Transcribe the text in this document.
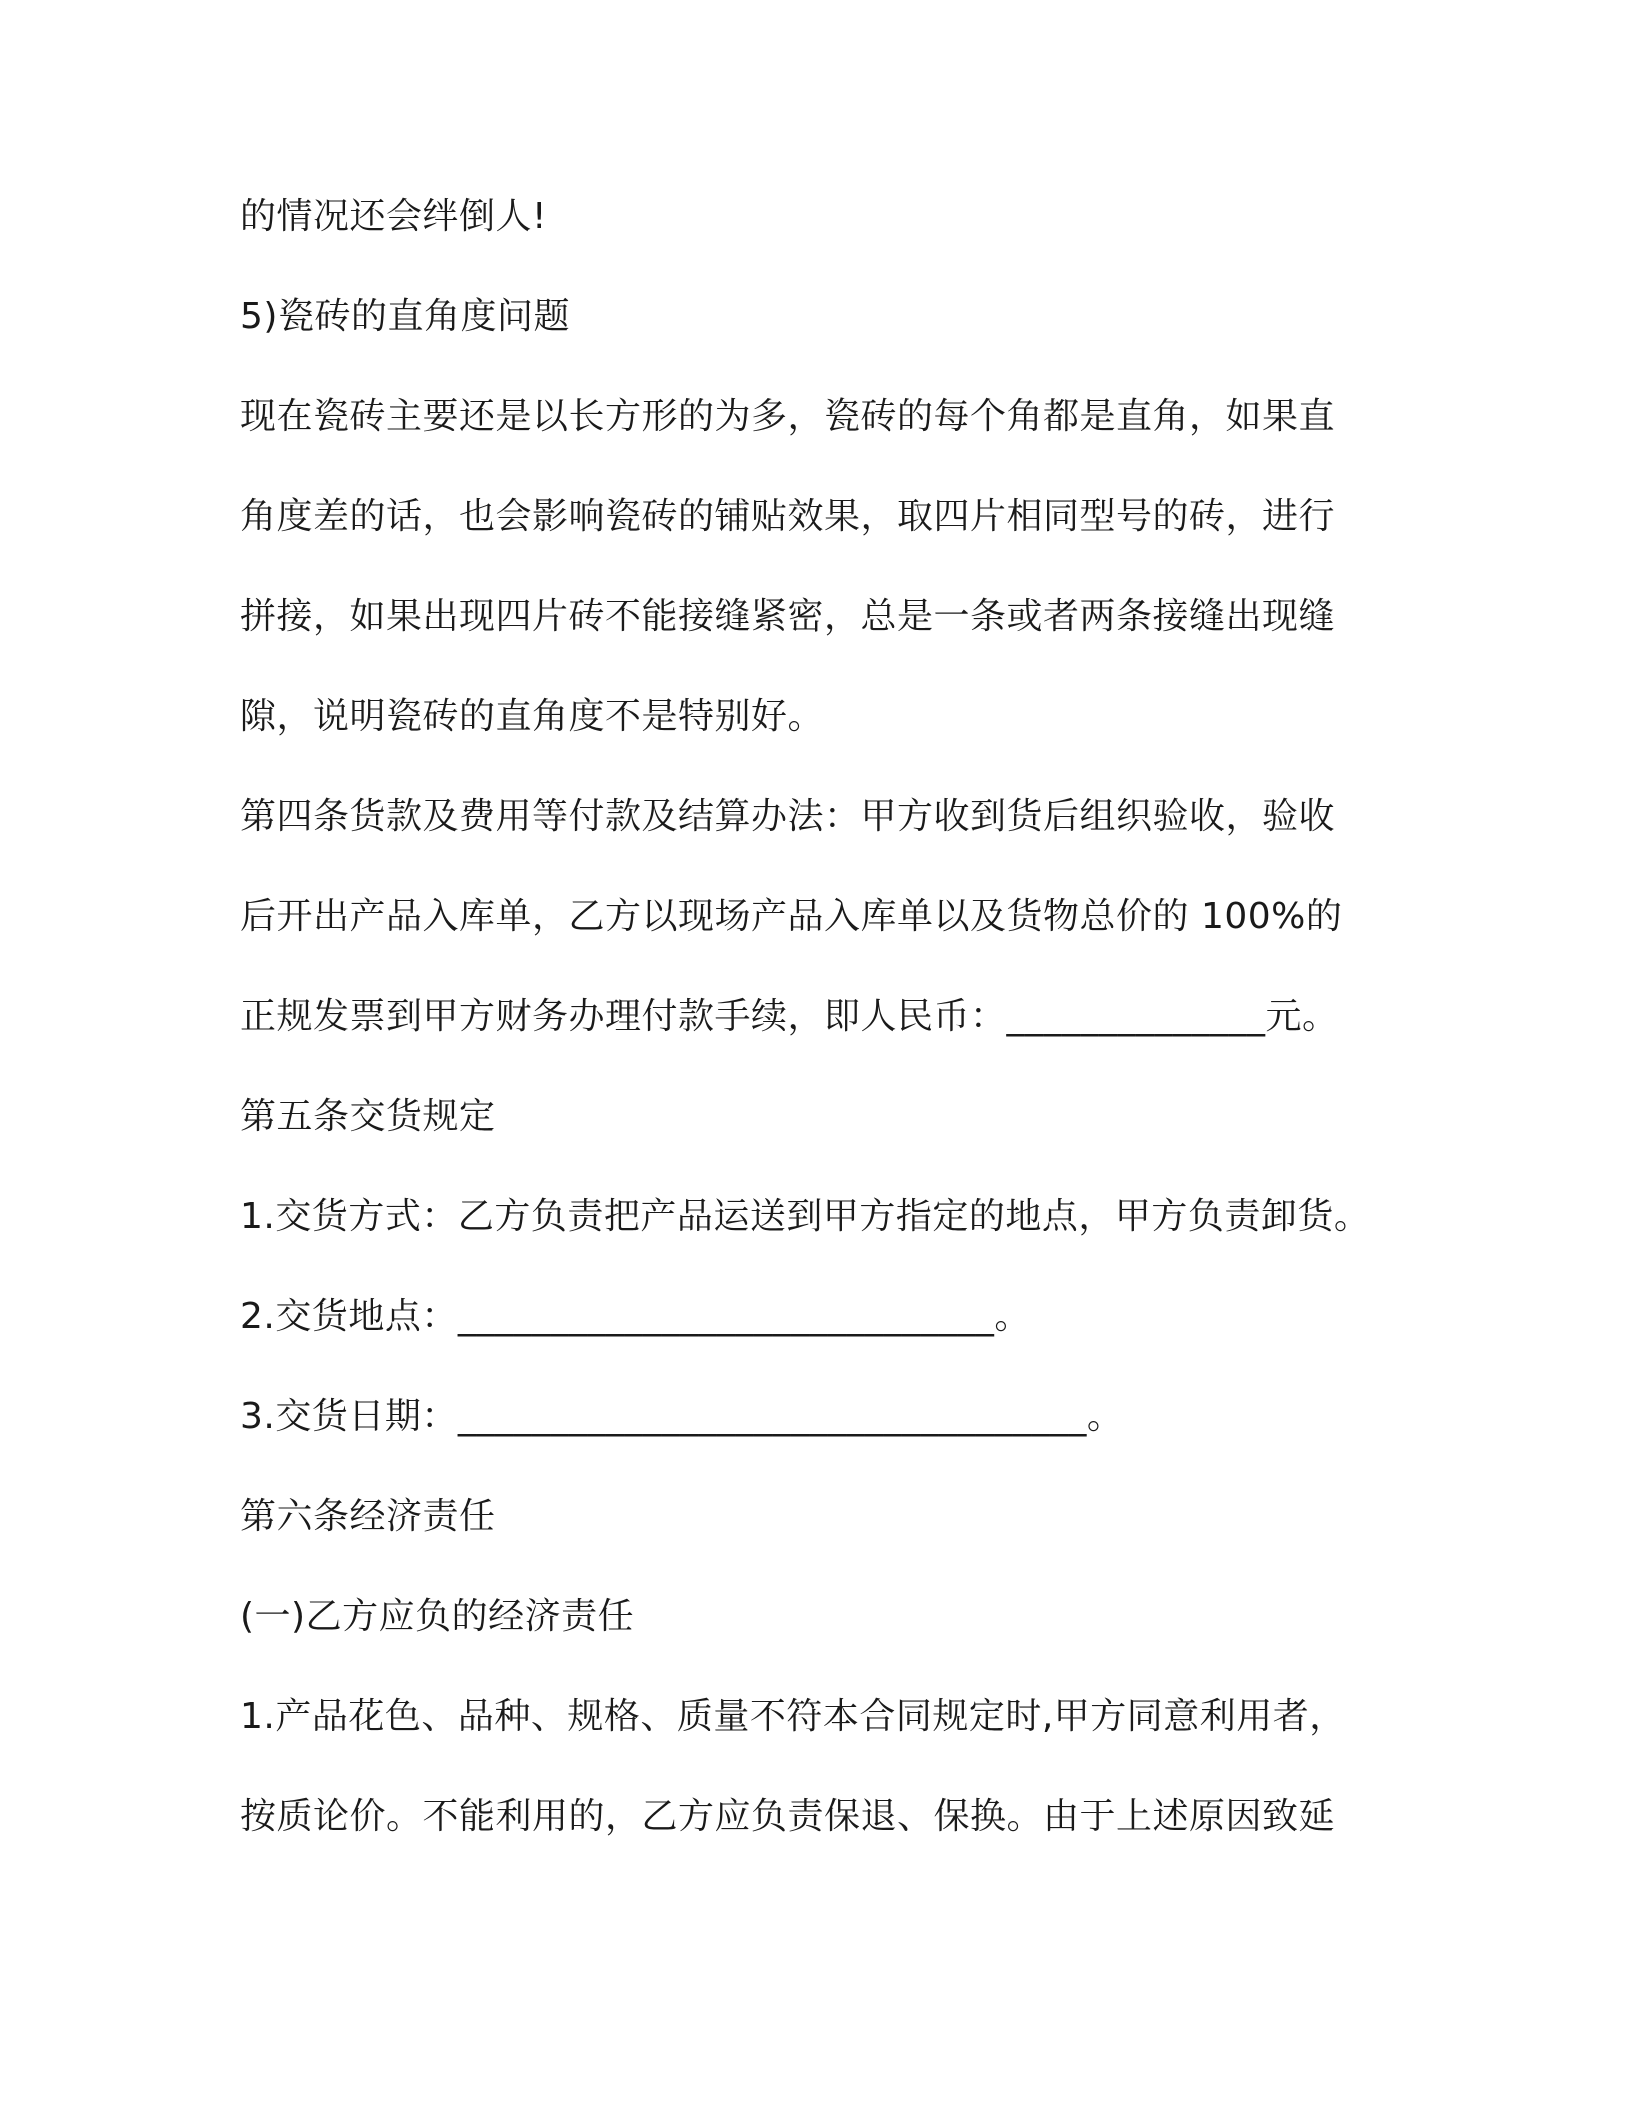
的情况还会绊倒人!
5)瓷砖的直角度问题
现在瓷砖主要还是以长方形的为多，瓷砖的每个角都是直角，如果直
角度差的话，也会影响瓷砖的铺贴效果，取四片相同型号的砖，进行
拼接，如果出现四片砖不能接缝紧密，总是一条或者两条接缝出现缝
隙，说明瓷砖的直角度不是特别好。
第四条货款及费用等付款及结算办法：甲方收到货后组织验收，验收
后开出产品入库单，乙方以现场产品入库单以及货物总价的 100%的
正规发票到甲方财务办理付款手续，即人民币：______________元。
第五条交货规定
1.交货方式：乙方负责把产品运送到甲方指定的地点，甲方负责卸货。
2.交货地点：_____________________________。
3.交货日期：__________________________________。
第六条经济责任
(一)乙方应负的经济责任
1.产品花色、品种、规格、质量不符本合同规定时,甲方同意利用者，
按质论价。不能利用的，乙方应负责保退、保换。由于上述原因致延
